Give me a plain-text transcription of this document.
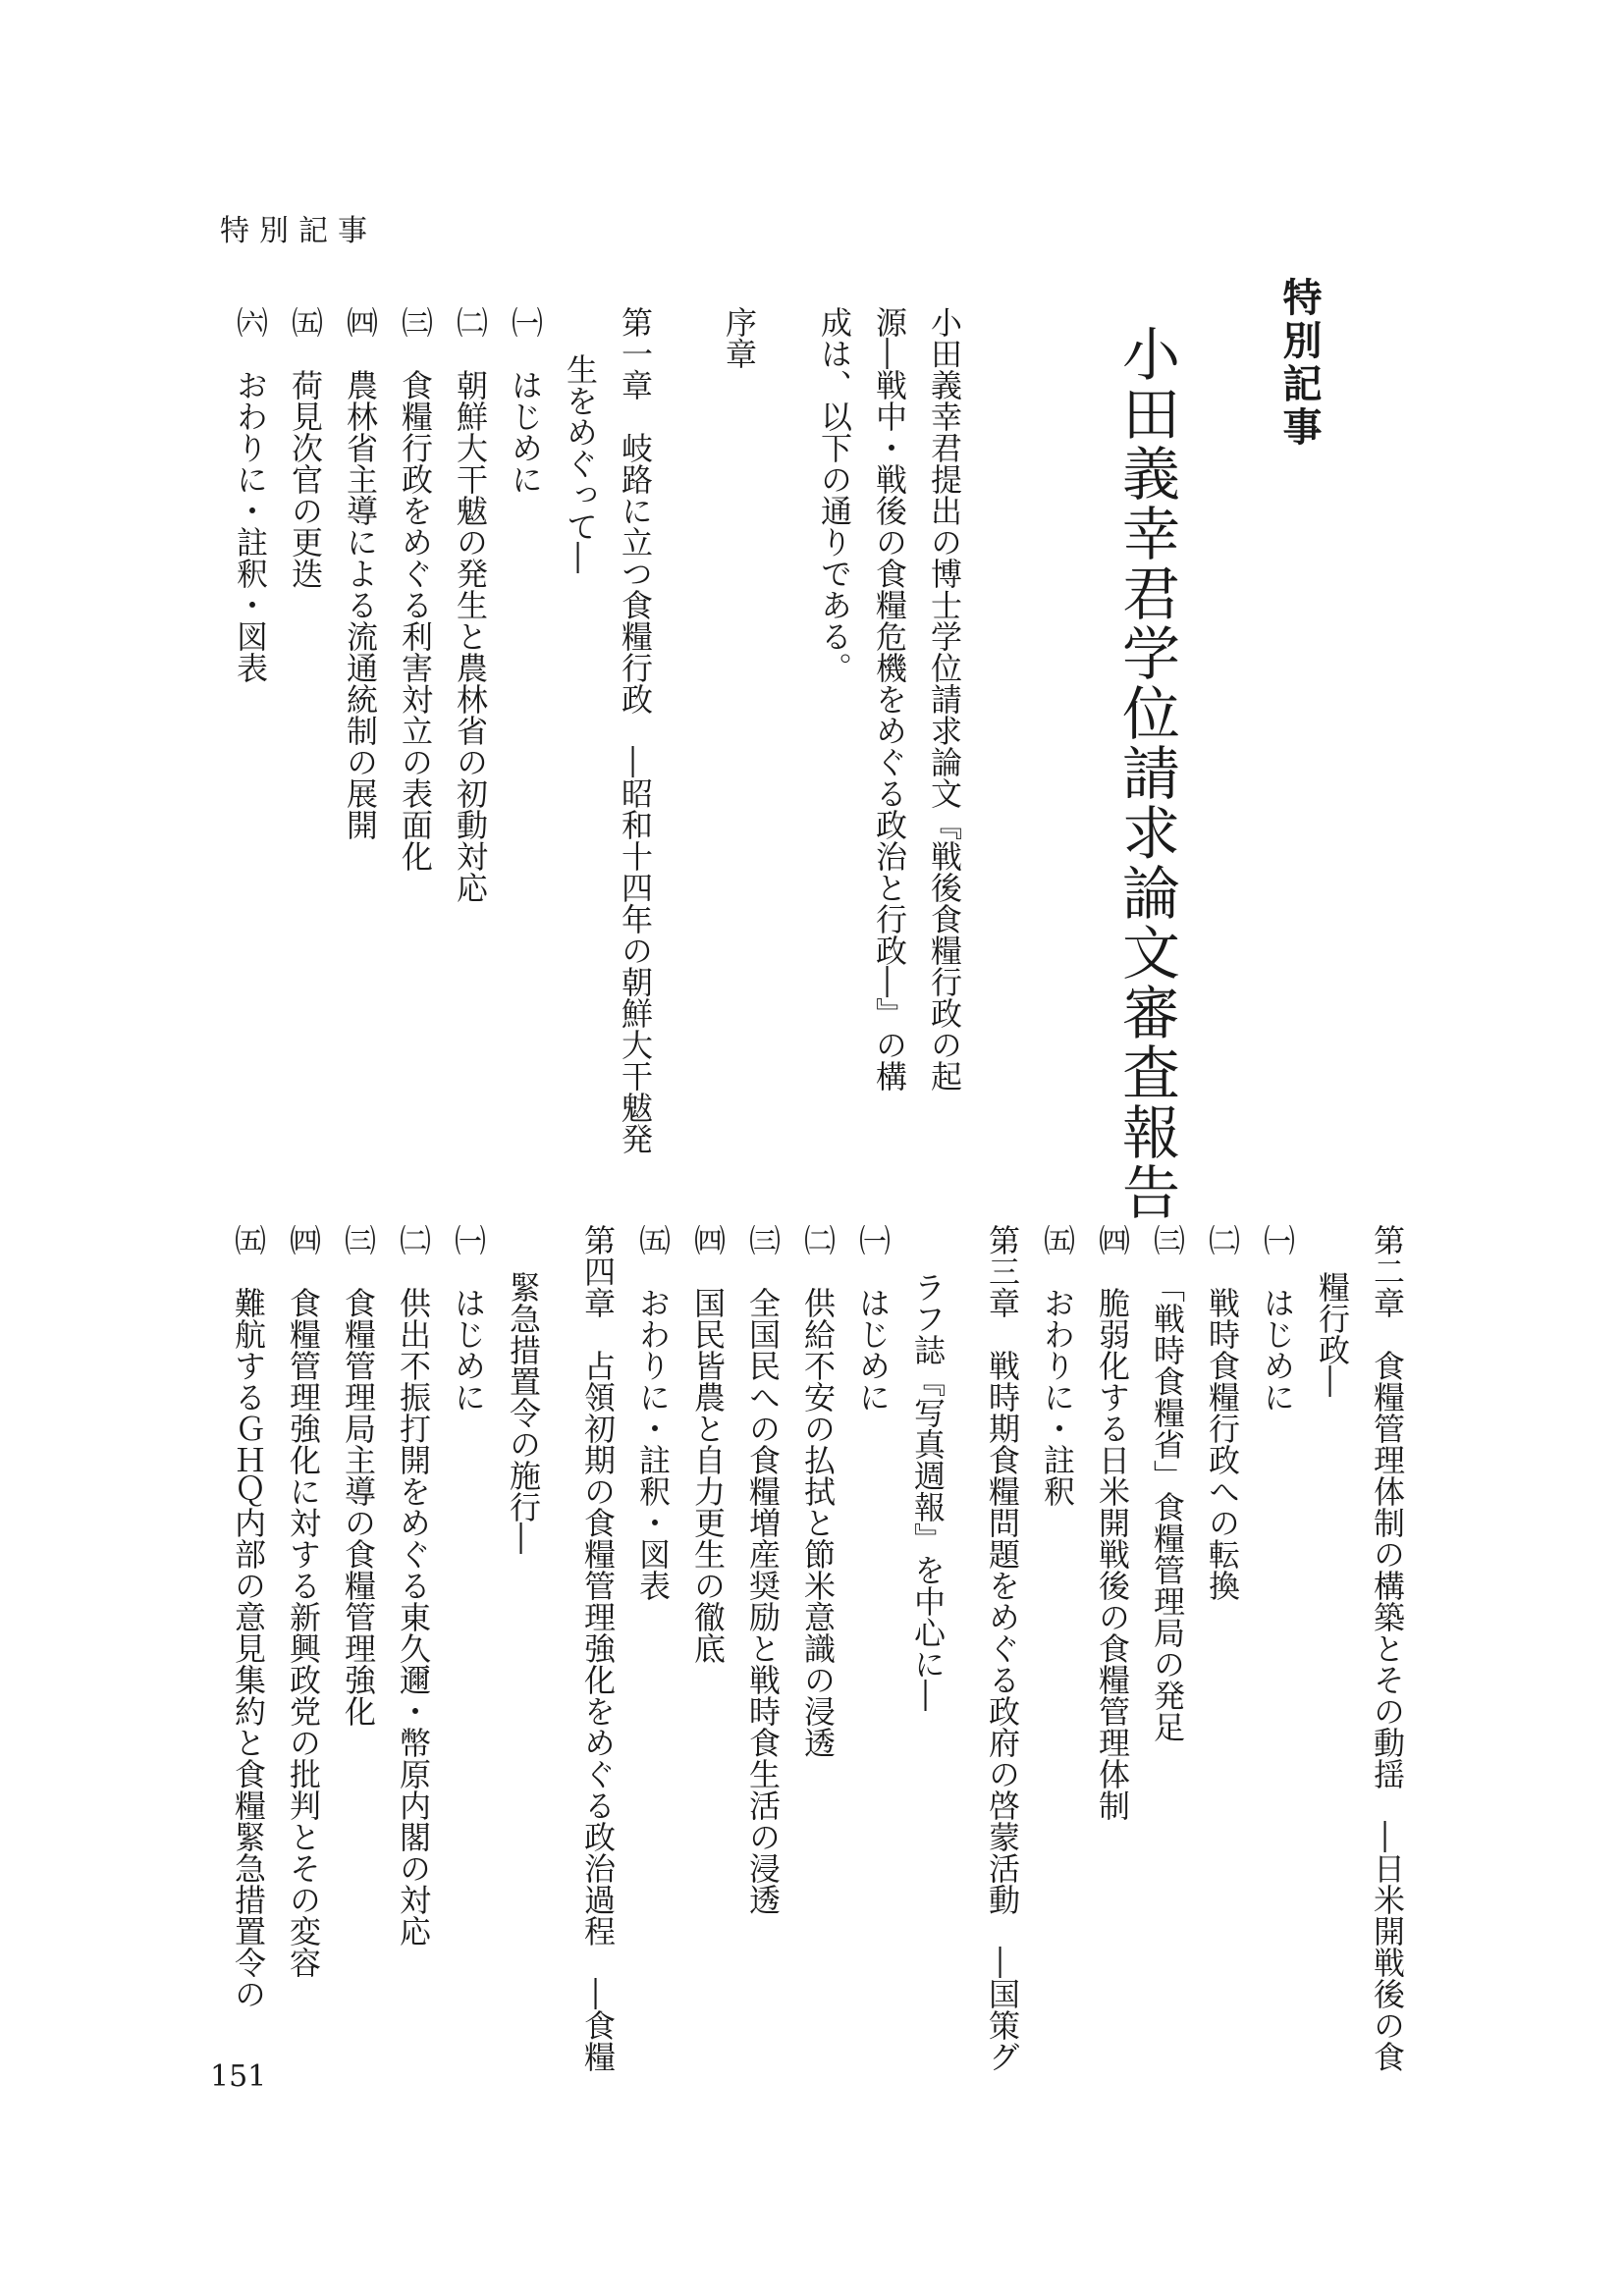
特別記事
特別記事
小田義幸君学位請求論文審査報告
小田義幸君提出の博士学位請求論文『戦後食糧行政の起
源―戦中・戦後の食糧危機をめぐる政治と行政―』の構
成は、以下の通りである。
序章
第一章　岐路に立つ食糧行政　―昭和十四年の朝鮮大干魃発
生をめぐって―
㈠　はじめに
㈡　朝鮮大干魃の発生と農林省の初動対応
㈢　食糧行政をめぐる利害対立の表面化
㈣　農林省主導による流通統制の展開
㈤　荷見次官の更迭
㈥　おわりに・註釈・図表
第二章　食糧管理体制の構築とその動揺　―日米開戦後の食
糧行政―
㈠　はじめに
㈡　戦時食糧行政への転換
㈢　「戦時食糧省」食糧管理局の発足
㈣　脆弱化する日米開戦後の食糧管理体制
㈤　おわりに・註釈
第三章　戦時期食糧問題をめぐる政府の啓蒙活動　―国策グ
ラフ誌『写真週報』を中心に―
㈠　はじめに
㈡　供給不安の払拭と節米意識の浸透
㈢　全国民への食糧増産奨励と戦時食生活の浸透
㈣　国民皆農と自力更生の徹底
㈤　おわりに・註釈・図表
第四章　占領初期の食糧管理強化をめぐる政治過程　―食糧
緊急措置令の施行―
㈠　はじめに
㈡　供出不振打開をめぐる東久邇・幣原内閣の対応
㈢　食糧管理局主導の食糧管理強化
㈣　食糧管理強化に対する新興政党の批判とその変容
㈤　難航するＧＨＱ内部の意見集約と食糧緊急措置令の
151
